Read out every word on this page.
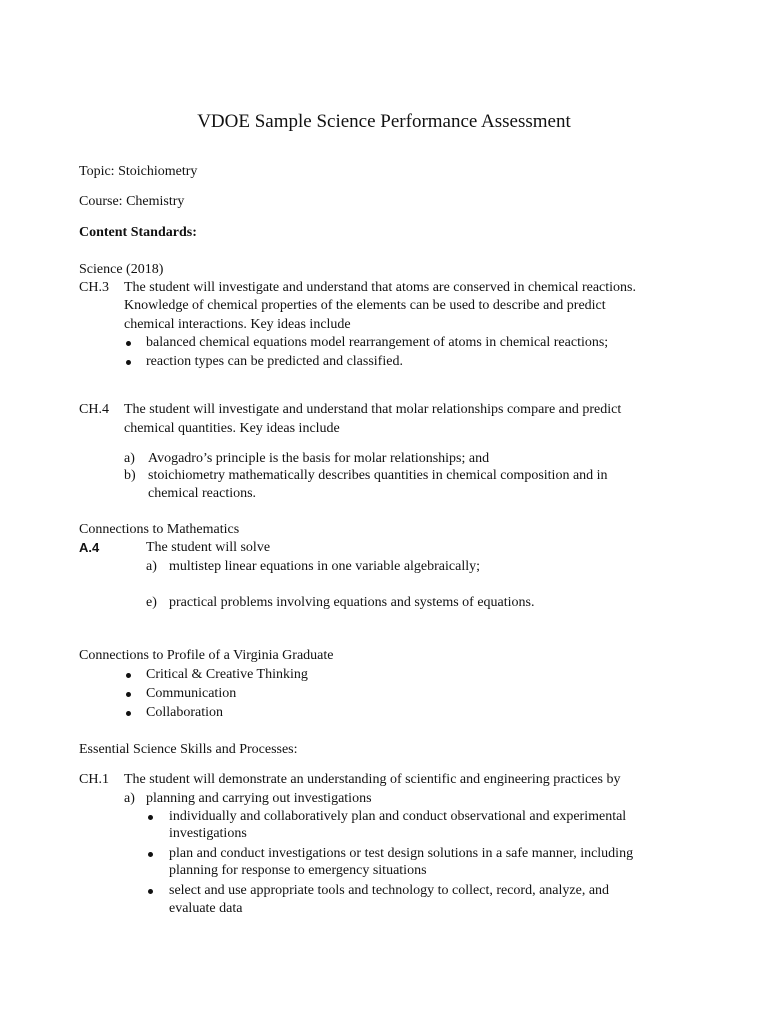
VDOE Sample Science Performance Assessment
Topic: Stoichiometry
Course: Chemistry
Content Standards:
Science (2018)
CH.3 The student will investigate and understand that atoms are conserved in chemical reactions.
Knowledge of chemical properties of the elements can be used to describe and predict
chemical interactions. Key ideas include
balanced chemical equations model rearrangement of atoms in chemical reactions;
reaction types can be predicted and classified.
CH.4 The student will investigate and understand that molar relationships compare and predict
chemical quantities. Key ideas include
a) Avogadro’s principle is the basis for molar relationships; and
b) stoichiometry mathematically describes quantities in chemical composition and in
chemical reactions.
Connections to Mathematics
A.4	The student will solve
a) multistep linear equations in one variable algebraically;
e) practical problems involving equations and systems of equations.
Connections to Profile of a Virginia Graduate
Critical & Creative Thinking
Communication
Collaboration
Essential Science Skills and Processes:
CH.1 The student will demonstrate an understanding of scientific and engineering practices by
a) planning and carrying out investigations
individually and collaboratively plan and conduct observational and experimental
investigations
plan and conduct investigations or test design solutions in a safe manner, including
planning for response to emergency situations
select and use appropriate tools and technology to collect, record, analyze, and
evaluate data
